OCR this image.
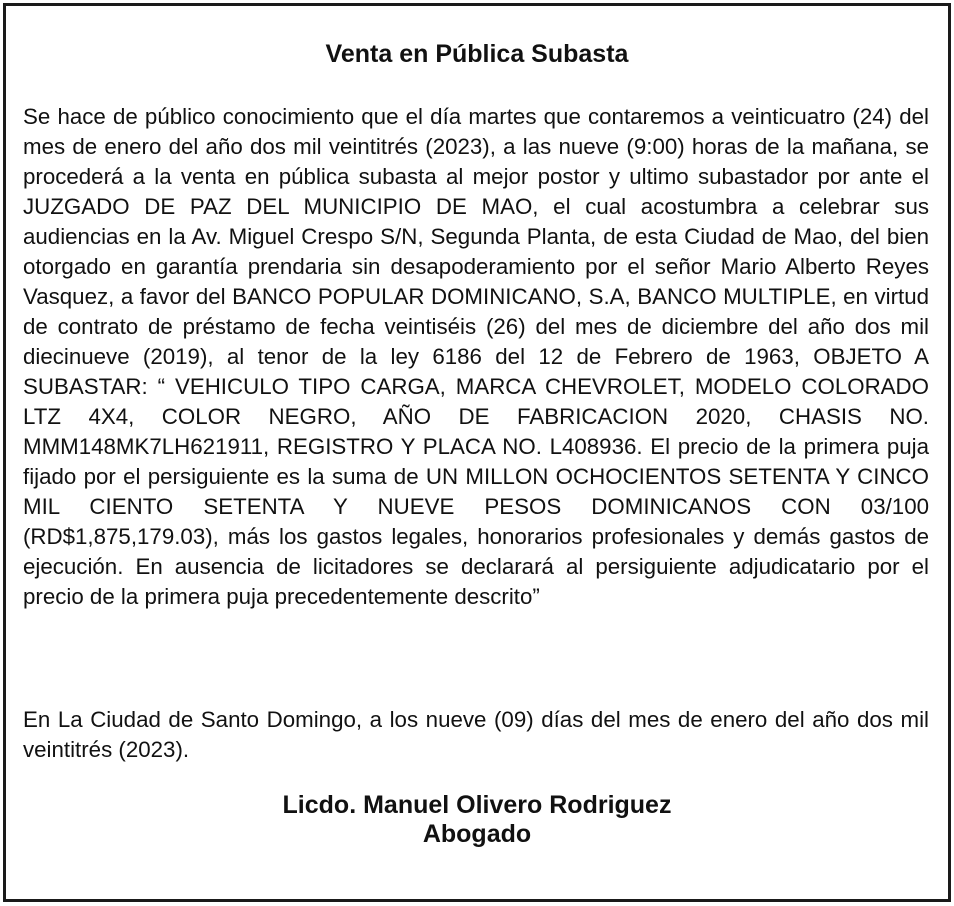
Venta en Pública Subasta

Se hace de público conocimiento que el día martes que contaremos a veinticuatro (24) del mes de enero del año dos mil veintitrés (2023), a las nueve (9:00) horas de la mañana, se procederá a la venta en pública subasta al mejor postor y ultimo subastador por ante el JUZGADO DE PAZ DEL MUNICIPIO DE MAO, el cual acostumbra a celebrar sus audiencias en la Av. Miguel Crespo S/N, Segunda Planta, de esta Ciudad de Mao, del bien otorgado en garantía prendaria sin desapoderamiento por el señor Mario Alberto Reyes Vasquez, a favor del BANCO POPULAR DOMINICANO, S.A, BANCO MULTIPLE, en virtud de contrato de préstamo de fecha veintiséis (26) del mes de diciembre del año dos mil diecinueve (2019), al tenor de la ley 6186 del 12 de Febrero de 1963, OBJETO A SUBASTAR: “ VEHICULO TIPO CARGA, MARCA CHEVROLET, MODELO COLORADO LTZ 4X4, COLOR NEGRO, AÑO DE FABRICACION 2020, CHASIS NO. MMM148MK7LH621911, REGISTRO Y PLACA NO. L408936. El precio de la primera puja fijado por el persiguiente es la suma de UN MILLON OCHOCIENTOS SETENTA Y CINCO MIL CIENTO SETENTA Y NUEVE PESOS DOMINICANOS CON 03/100 (RD$1,875,179.03), más los gastos legales, honorarios profesionales y demás gastos de ejecución. En ausencia de licitadores se declarará al persiguiente adjudicatario por el precio de la primera puja precedentemente descrito”

En La Ciudad de Santo Domingo, a los nueve (09) días del mes de enero del año dos mil veintitrés (2023).

Licdo. Manuel Olivero Rodriguez
Abogado
